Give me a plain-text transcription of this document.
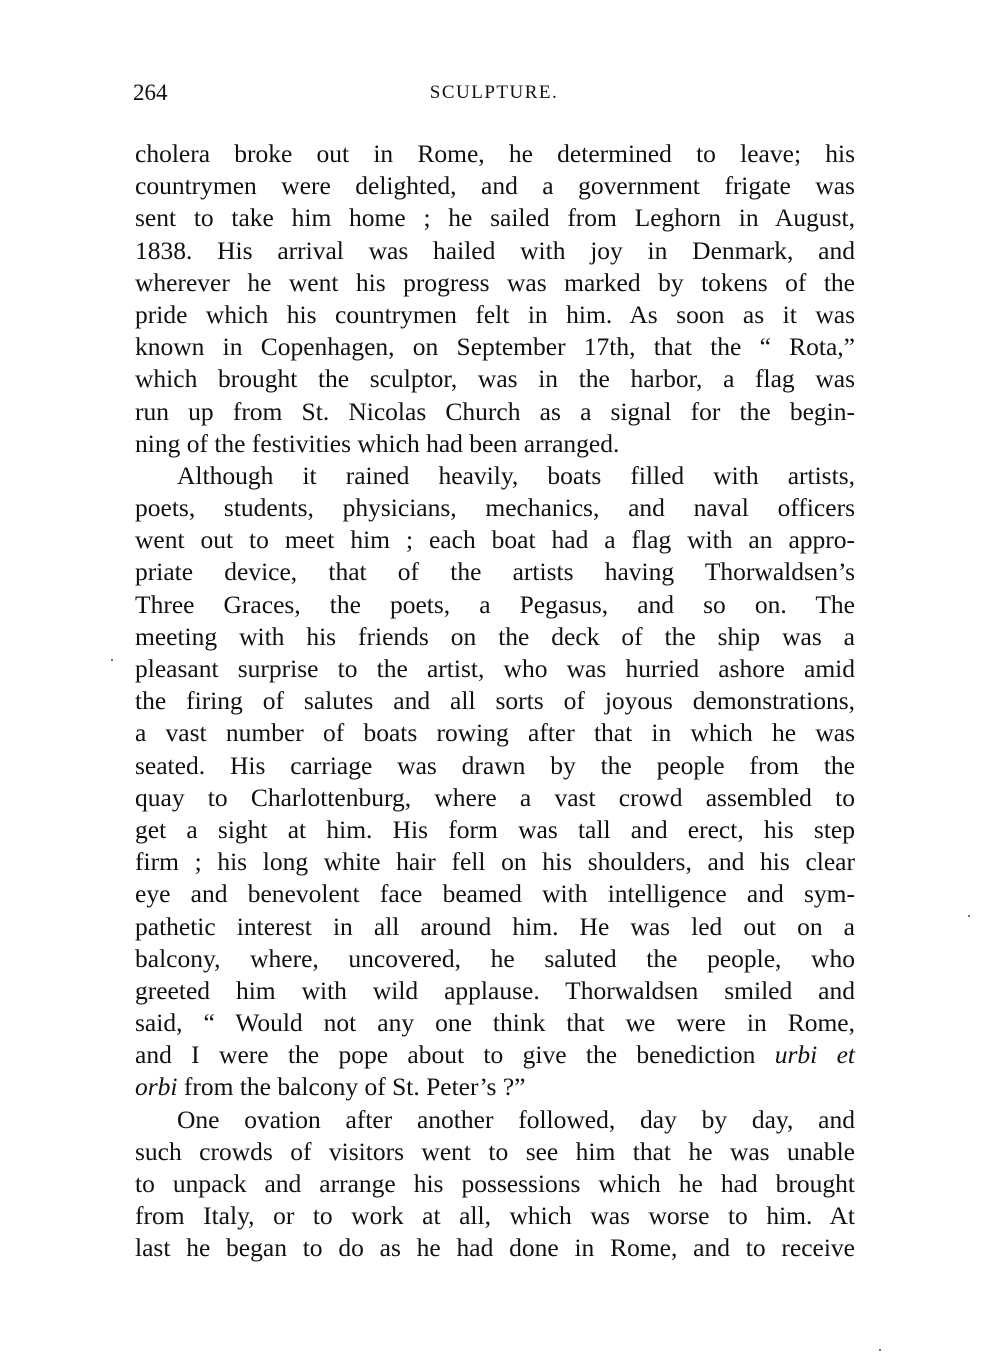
264	SCULPTURE.
cholera broke out in Rome, he determined to leave; his
countrymen were delighted, and a government frigate was
sent to take him home ; he sailed from Leghorn in August,
1838. His arrival was hailed with joy in Denmark, and
wherever he went his progress was marked by tokens of the
pride which his countrymen felt in him. As soon as it was
known in Copenhagen, on September 17th, that the “ Rota,”
which brought the sculptor, was in the harbor, a flag was
run up from St. Nicolas Church as a signal for the begin-
ning of the festivities which had been arranged.
Although it rained heavily, boats filled with artists,
poets, students, physicians, mechanics, and naval officers
went out to meet him ; each boat had a flag with an appro-
priate device, that of the artists having Thorwaldsen’s
Three Graces, the poets, a Pegasus, and so on. The
meeting with his friends on the deck of the ship was a
pleasant surprise to the artist, who was hurried ashore amid
the firing of salutes and all sorts of joyous demonstrations,
a vast number of boats rowing after that in which he was
seated. His carriage was drawn by the people from the
quay to Charlottenburg, where a vast crowd assembled to
get a sight at him. His form was tall and erect, his step
firm ; his long white hair fell on his shoulders, and his clear
eye and benevolent face beamed with intelligence and sym-
pathetic interest in all around him. He was led out on a
balcony, where, uncovered, he saluted the people, who
greeted him with wild applause. Thorwaldsen smiled and
said, “ Would not any one think that we were in Rome,
and I were the pope about to give the benediction urbi et
orbi from the balcony of St. Peter’s ?”
One ovation after another followed, day by day, and
such crowds of visitors went to see him that he was unable
to unpack and arrange his possessions which he had brought
from Italy, or to work at all, which was worse to him. At
last he began to do as he had done in Rome, and to receive
